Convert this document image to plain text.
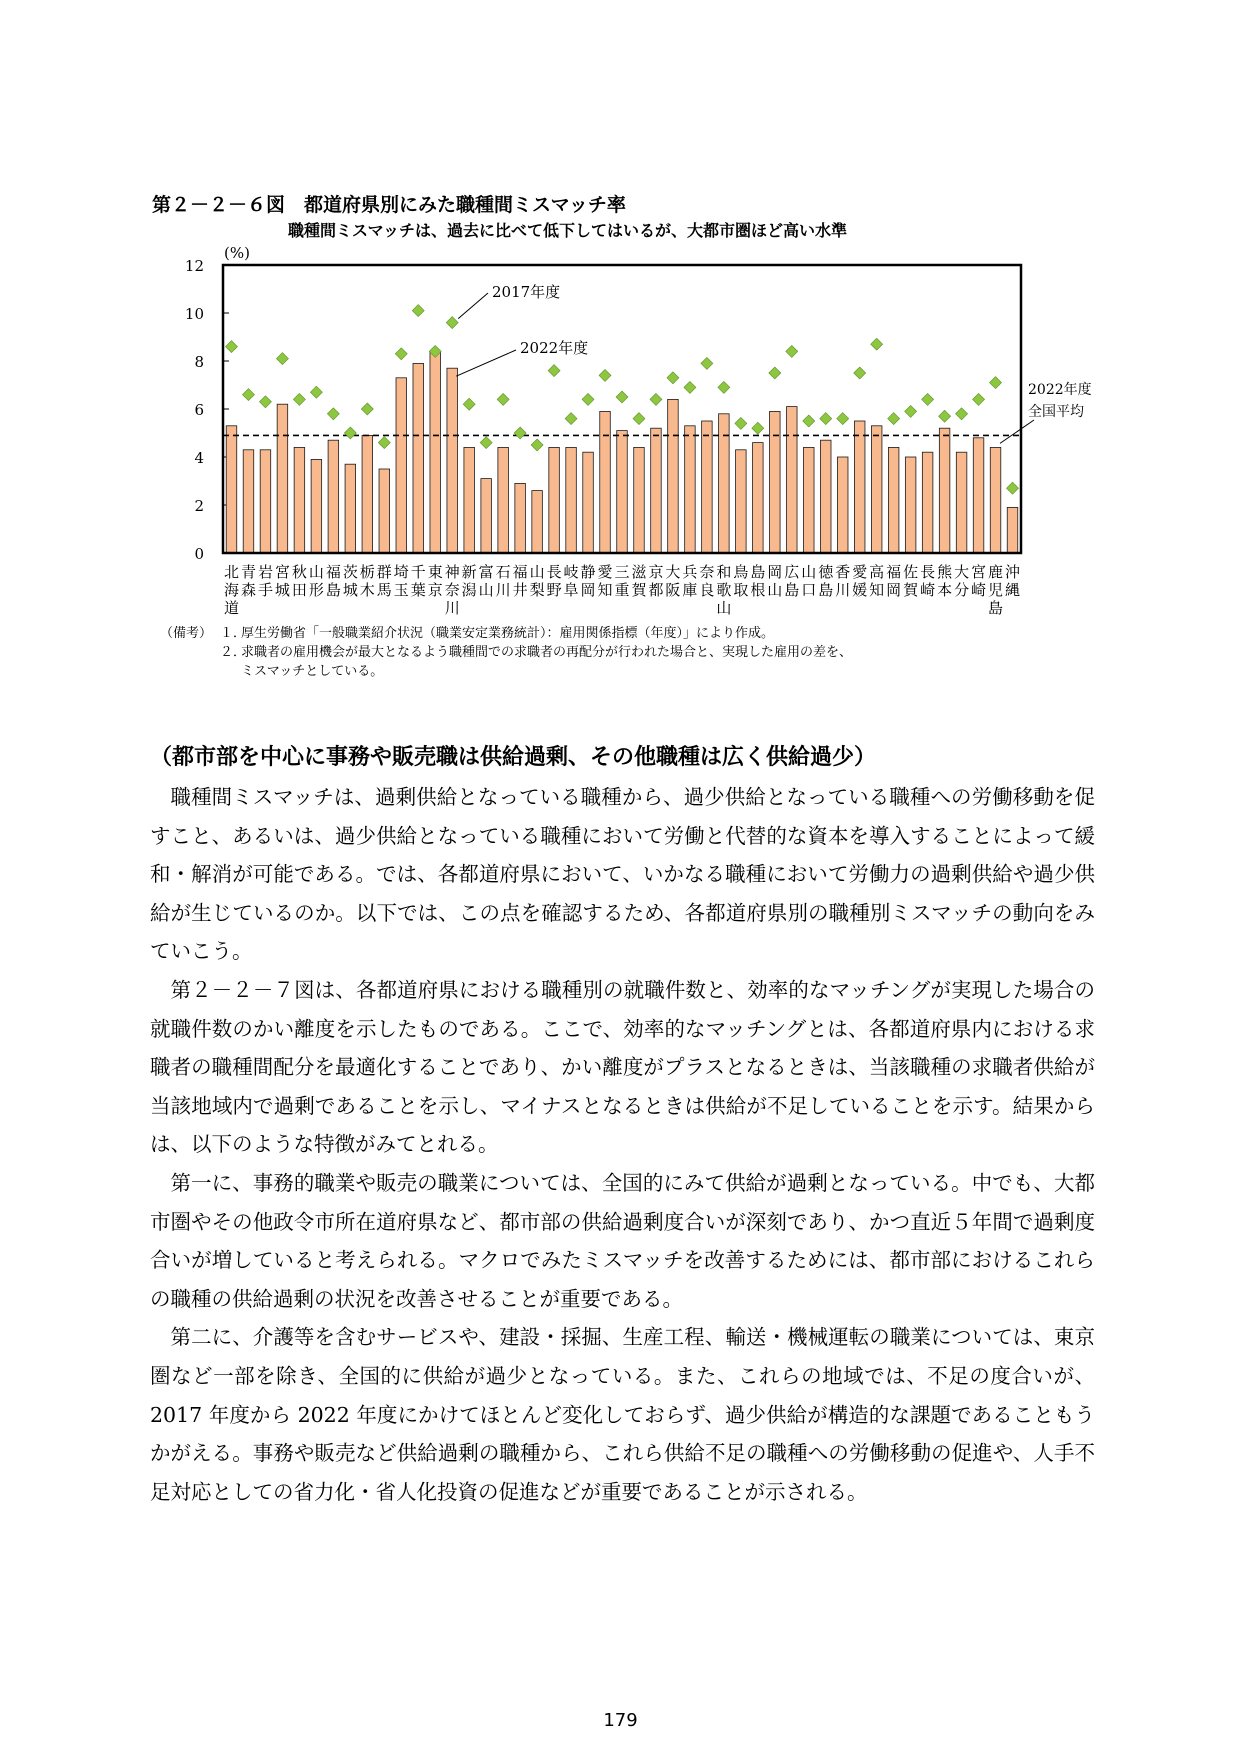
第２－２－６図　都道府県別にみた職種間ミスマッチ率
職種間ミスマッチは、過去に比べて低下してはいるが、大都市圏ほど高い水準
0
2
4
6
8
10
12
(%)
2022年度
全国平均
2017年度
2022年度
北海道
青森
岩手
宮城
秋田
山形
福島
茨城
栃木
群馬
埼玉
千葉
東京
神奈川
新潟
富山
石川
福井
山梨
長野
岐阜
静岡
愛知
三重
滋賀
京都
大阪
兵庫
奈良
和歌山
鳥取
島根
岡山
広島
山口
徳島
香川
愛媛
高知
福岡
佐賀
長崎
熊本
大分
宮崎
鹿児島
沖縄
（備考） １．
厚生労働省「一般職業紹介状況（職業安定業務統計）：雇用関係指標（年度）」により作成。
２．
求職者の雇用機会が最大となるよう職種間での求職者の再配分が行われた場合と、実現した雇用の差を、
ミスマッチとしている。
（都市部を中心に事務や販売職は供給過剰、その他職種は広く供給過少）

職種間ミスマッチは、過剰供給となっている職種から、過少供給となっている職種への労働移動を促すこと、あるいは、過少供給となっている職種において労働と代替的な資本を導入することによって緩和・解消が可能である。では、各都道府県において、いかなる職種において労働力の過剰供給や過少供給が生じているのか。以下では、この点を確認するため、各都道府県別の職種別ミスマッチの動向をみていこう。

第２－２－７図は、各都道府県における職種別の就職件数と、効率的なマッチングが実現した場合の就職件数のかい離度を示したものである。ここで、効率的なマッチングとは、各都道府県内における求職者の職種間配分を最適化することであり、かい離度がプラスとなるときは、当該職種の求職者供給が当該地域内で過剰であることを示し、マイナスとなるときは供給が不足していることを示す。結果からは、以下のような特徴がみてとれる。

第一に、事務的職業や販売の職業については、全国的にみて供給が過剰となっている。中でも、大都市圏やその他政令市所在道府県など、都市部の供給過剰度合いが深刻であり、かつ直近５年間で過剰度合いが増していると考えられる。マクロでみたミスマッチを改善するためには、都市部におけるこれらの職種の供給過剰の状況を改善させることが重要である。

第二に、介護等を含むサービスや、建設・採掘、生産工程、輸送・機械運転の職業については、東京圏など一部を除き、全国的に供給が過少となっている。また、これらの地域では、不足の度合いが、2017 年度から 2022 年度にかけてほとんど変化しておらず、過少供給が構造的な課題であることもうかがえる。事務や販売など供給過剰の職種から、これら供給不足の職種への労働移動の促進や、人手不足対応としての省力化・省人化投資の促進などが重要であることが示される。

179
